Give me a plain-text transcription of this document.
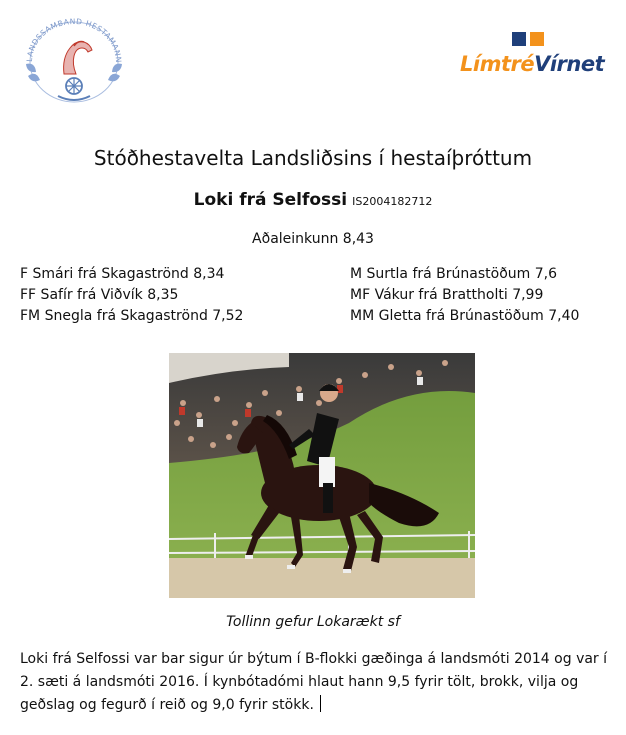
LANDSSAMBAND HESTAMANN	LímtréVírnet
Stóðhestavelta Landsliðsins í hestaíþróttum
Loki frá Selfossi IS2004182712
Aðaleinkunn 8,43
F Smári frá Skagaströnd 8,34
FF Safír frá Viðvík 8,35
FM Snegla frá Skagaströnd 7,52
M Surtla frá Brúnastöðum 7,6
MF Vákur frá Brattholti 7,99
MM Gletta frá Brúnastöðum 7,40
Tollinn gefur Lokarækt sf
Loki frá Selfossi var bar sigur úr býtum í B-flokki gæðinga á landsmóti 2014 og var í 2. sæti á landsmóti 2016. Í kynbótadómi hlaut hann 9,5 fyrir tölt, brokk, vilja og geðslag og fegurð í reið og 9,0 fyrir stökk.
